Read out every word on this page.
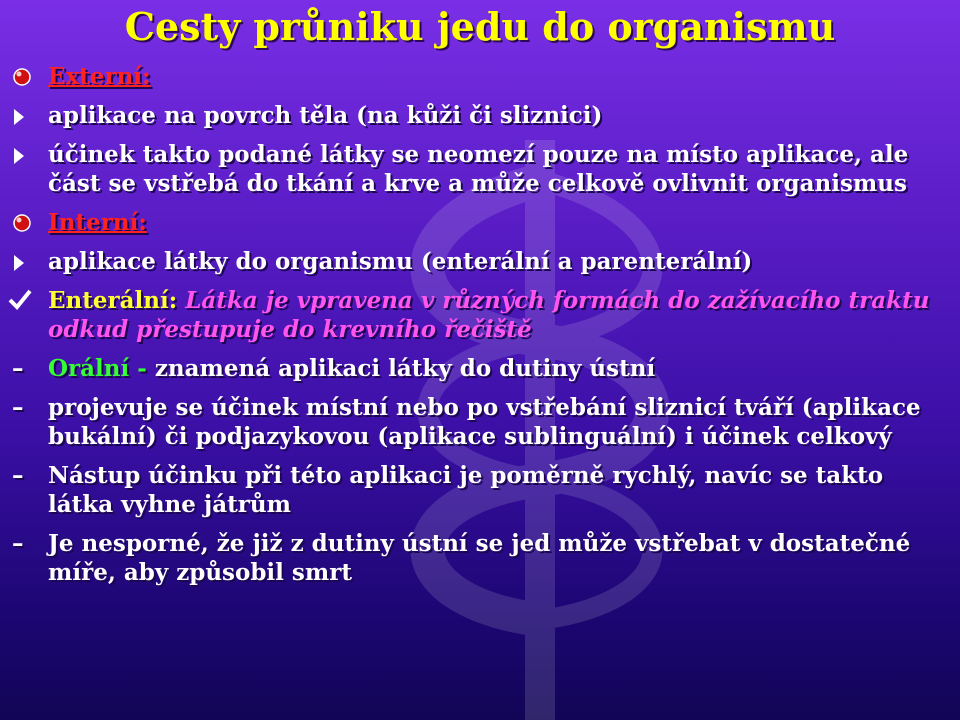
Cesty průniku jedu do organismu
Externí:
aplikace na povrch těla (na kůži či sliznici)
účinek takto podané látky se neomezí pouze na místo aplikace, ale část se vstřebá do tkání a krve a může celkově ovlivnit organismus
Interní:
aplikace látky do organismu (enterální a parenterální)
Enterální: Látka je vpravena v různých formách do zažívacího traktu odkud přestupuje do krevního řečiště
– Orální - znamená aplikaci látky do dutiny ústní
– projevuje se účinek místní nebo po vstřebání sliznicí tváří (aplikace bukální) či podjazykovou (aplikace sublinguální) i účinek celkový
– Nástup účinku při této aplikaci je poměrně rychlý, navíc se takto látka vyhne játrům
– Je nesporné, že již z dutiny ústní se jed může vstřebat v dostatečné míře, aby způsobil smrt
